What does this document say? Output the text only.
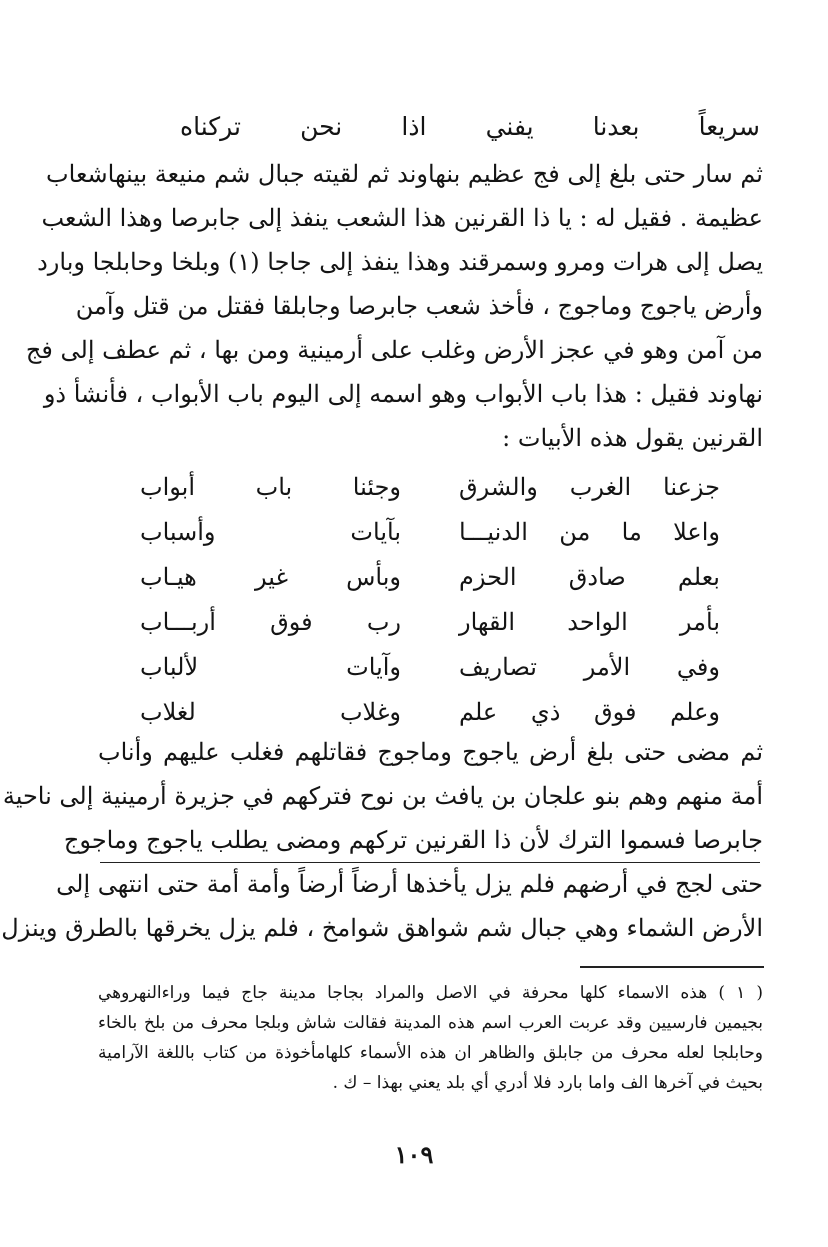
سريعاً
بعدنا
يفني
اذا
نحن
تركناه
ثم سار حتى بلغ إلى فج عظيم بنهاوند ثم لقيته جبال شم منيعة بينهاشعاب
عظيمة . فقيل له : يا ذا القرنين هذا الشعب ينفذ إلى جابرصا وهذا الشعب
يصل إلى هرات ومرو وسمرقند وهذا ينفذ إلى جاجا (١) وبلخا وحابلجا وبارد
وأرض ياجوج وماجوج ، فأخذ شعب جابرصا وجابلقا فقتل من قتل وآمن
من آمن وهو في عجز الأرض وغلب على أرمينية ومن بها ، ثم عطف إلى فج
نهاوند فقيل : هذا باب الأبواب وهو اسمه إلى اليوم باب الأبواب ، فأنشأ ذو
القرنين يقول هذه الأبيات :
جزعنا
الغرب
والشرق
وجئنا
باب
أبواب
واعلا
ما
من
الدنيـــا
بآيات
وأسباب
بعلم
صادق
الحزم
وبأس
غير
هيـاب
بأمر
الواحد
القهار
رب
فوق
أربـــاب
وفي
الأمر
تصاريف
وآيات
لألباب
وعلم
فوق
ذي
علم
وغلاب
لغلاب
ثم مضى حتى بلغ أرض ياجوج وماجوج فقاتلهم فغلب عليهم وأناب
أمة منهم وهم بنو علجان بن يافث بن نوح فتركهم في جزيرة أرمينية إلى ناحية
جابرصا فسموا الترك لأن ذا القرنين تركهم ومضى يطلب ياجوج وماجوج
حتى لجج في أرضهم فلم يزل يأخذها أرضاً أرضاً وأمة أمة حتى انتهى إلى
الأرض الشماء وهي جبال شم شواهق شوامخ ، فلم يزل يخرقها بالطرق وينزل
( ١ ) هذه الاسماء كلها محرفة في الاصل والمراد بجاجا مدينة جاج فيما وراءالنهروهي
بجيمين فارسيين وقد عربت العرب اسم هذه المدينة فقالت شاش وبلجا محرف من بلخ بالخاء
وحابلجا لعله محرف من جابلق والظاهر ان هذه الأسماء كلهامأخوذة من كتاب باللغة الآرامية
بحيث في آخرها الف واما بارد فلا أدري أي بلد يعني بهذا – ك .
١٠٩
